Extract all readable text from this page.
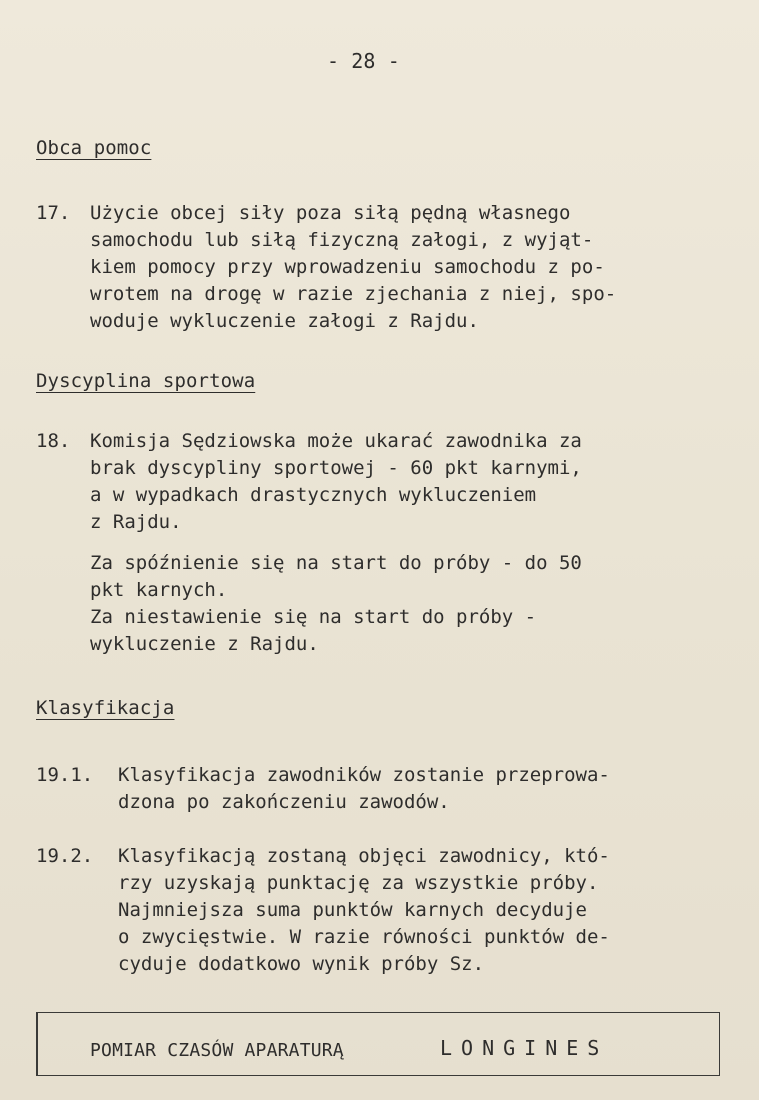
- 28 -
Obca pomoc
17. Użycie obcej siły poza siłą pędną własnego
samochodu lub siłą fizyczną załogi, z wyjąt-
kiem pomocy przy wprowadzeniu samochodu z po-
wrotem na drogę w razie zjechania z niej, spo-
woduje wykluczenie załogi z Rajdu.
Dyscyplina sportowa
18. Komisja Sędziowska może ukarać zawodnika za
brak dyscypliny sportowej - 60 pkt karnymi,
a w wypadkach drastycznych wykluczeniem
z Rajdu.
Za spóźnienie się na start do próby - do 50
pkt karnych.
Za niestawienie się na start do próby -
wykluczenie z Rajdu.
Klasyfikacja
19.1. Klasyfikacja zawodników zostanie przeprowa-
dzona po zakończeniu zawodów.
19.2. Klasyfikacją zostaną objęci zawodnicy, któ-
rzy uzyskają punktację za wszystkie próby.
Najmniejsza suma punktów karnych decyduje
o zwycięstwie. W razie równości punktów de-
cyduje dodatkowo wynik próby Sz.
POMIAR CZASÓW APARATURĄ	LONGINES
